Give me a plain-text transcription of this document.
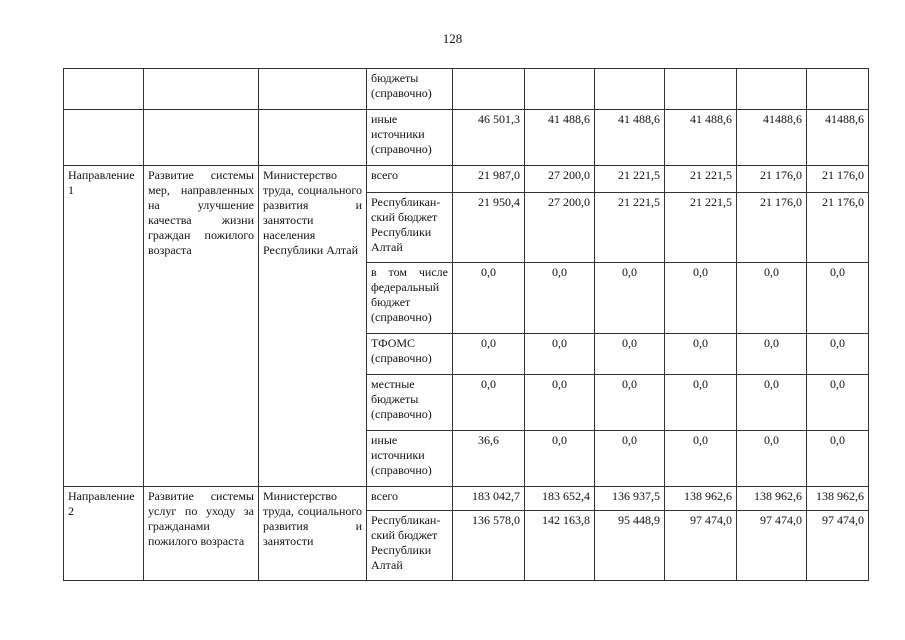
128
			бюджеты (справочно)						
			иные источники (справочно)	46 501,3	41 488,6	41 488,6	41 488,6	41488,6	41488,6
Направление 1	Развитие системы мер, направленных на улучшение качества жизни граждан пожилого возраста	Министерство труда, социального развития и занятости населения Республики Алтай	всего	21 987,0	27 200,0	21 221,5	21 221,5	21 176,0	21 176,0
			Республикан-ский бюджет Республики Алтай	21 950,4	27 200,0	21 221,5	21 221,5	21 176,0	21 176,0
			в том числе федеральный бюджет (справочно)	0,0	0,0	0,0	0,0	0,0	0,0
			ТФОМС (справочно)	0,0	0,0	0,0	0,0	0,0	0,0
			местные бюджеты (справочно)	0,0	0,0	0,0	0,0	0,0	0,0
			иные источники (справочно)	36,6	0,0	0,0	0,0	0,0	0,0
Направление 2	Развитие системы услуг по уходу за гражданами пожилого возраста	Министерство труда, социального развития и занятости	всего	183 042,7	183 652,4	136 937,5	138 962,6	138 962,6	138 962,6
			Республикан-ский бюджет Республики Алтай	136 578,0	142 163,8	95 448,9	97 474,0	97 474,0	97 474,0
